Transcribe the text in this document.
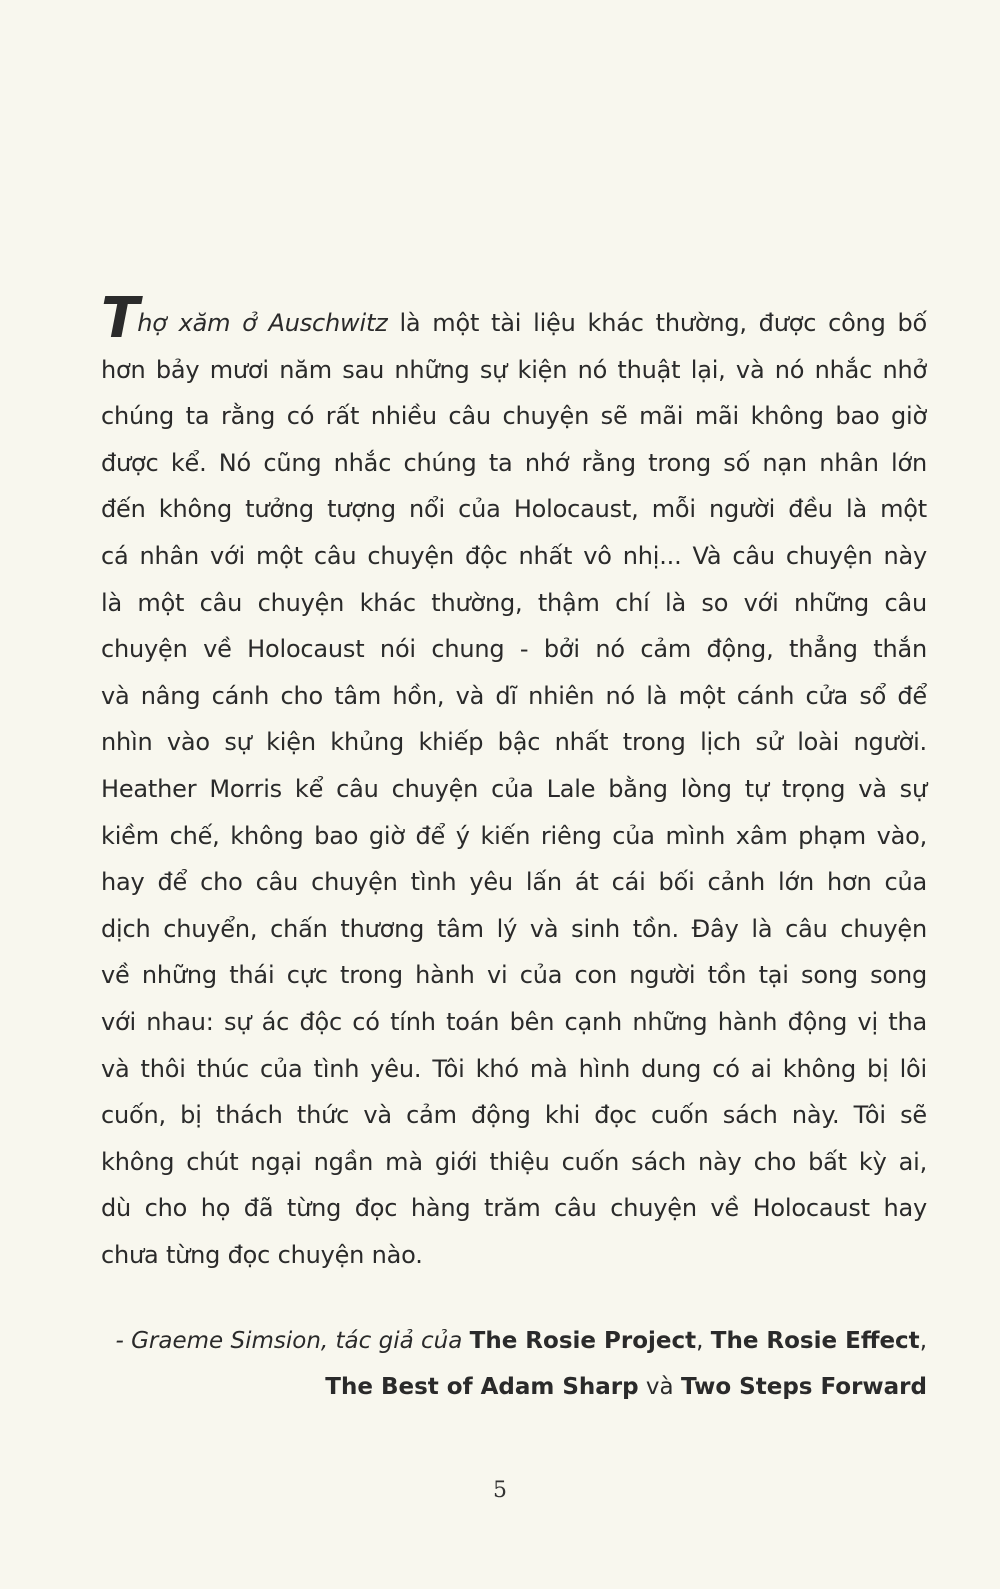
Thợ xăm ở Auschwitz là một tài liệu khác thường, được công bố
hơn bảy mươi năm sau những sự kiện nó thuật lại, và nó nhắc nhở
chúng ta rằng có rất nhiều câu chuyện sẽ mãi mãi không bao giờ
được kể. Nó cũng nhắc chúng ta nhớ rằng trong số nạn nhân lớn
đến không tưởng tượng nổi của Holocaust, mỗi người đều là một
cá nhân với một câu chuyện độc nhất vô nhị... Và câu chuyện này
là một câu chuyện khác thường, thậm chí là so với những câu
chuyện về Holocaust nói chung - bởi nó cảm động, thẳng thắn
và nâng cánh cho tâm hồn, và dĩ nhiên nó là một cánh cửa sổ để
nhìn vào sự kiện khủng khiếp bậc nhất trong lịch sử loài người.
Heather Morris kể câu chuyện của Lale bằng lòng tự trọng và sự
kiềm chế, không bao giờ để ý kiến riêng của mình xâm phạm vào,
hay để cho câu chuyện tình yêu lấn át cái bối cảnh lớn hơn của
dịch chuyển, chấn thương tâm lý và sinh tồn. Đây là câu chuyện
về những thái cực trong hành vi của con người tồn tại song song
với nhau: sự ác độc có tính toán bên cạnh những hành động vị tha
và thôi thúc của tình yêu. Tôi khó mà hình dung có ai không bị lôi
cuốn, bị thách thức và cảm động khi đọc cuốn sách này. Tôi sẽ
không chút ngại ngần mà giới thiệu cuốn sách này cho bất kỳ ai,
dù cho họ đã từng đọc hàng trăm câu chuyện về Holocaust hay
chưa từng đọc chuyện nào.
- Graeme Simsion, tác giả của The Rosie Project, The Rosie Effect,
The Best of Adam Sharp và Two Steps Forward
5
